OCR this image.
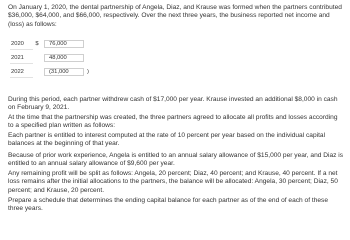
On January 1, 2020, the dental partnership of Angela, Diaz, and Krause was formed when the partners contributed $36,000, $64,000, and $66,000, respectively. Over the next three years, the business reported net income and (loss) as follows:

2020	$	76,000
2021	48,000
2022	(31,000	)

During this period, each partner withdrew cash of $17,000 per year. Krause invested an additional $8,000 in cash on February 9, 2021.

At the time that the partnership was created, the three partners agreed to allocate all profits and losses according to a specified plan written as follows:

Each partner is entitled to interest computed at the rate of 10 percent per year based on the individual capital balances at the beginning of that year.

Because of prior work experience, Angela is entitled to an annual salary allowance of $15,000 per year, and Diaz is entitled to an annual salary allowance of $9,600 per year.

Any remaining profit will be split as follows: Angela, 20 percent; Diaz, 40 percent; and Krause, 40 percent. If a net loss remains after the initial allocations to the partners, the balance will be allocated: Angela, 30 percent; Diaz, 50 percent; and Krause, 20 percent.

Prepare a schedule that determines the ending capital balance for each partner as of the end of each of these three years.
